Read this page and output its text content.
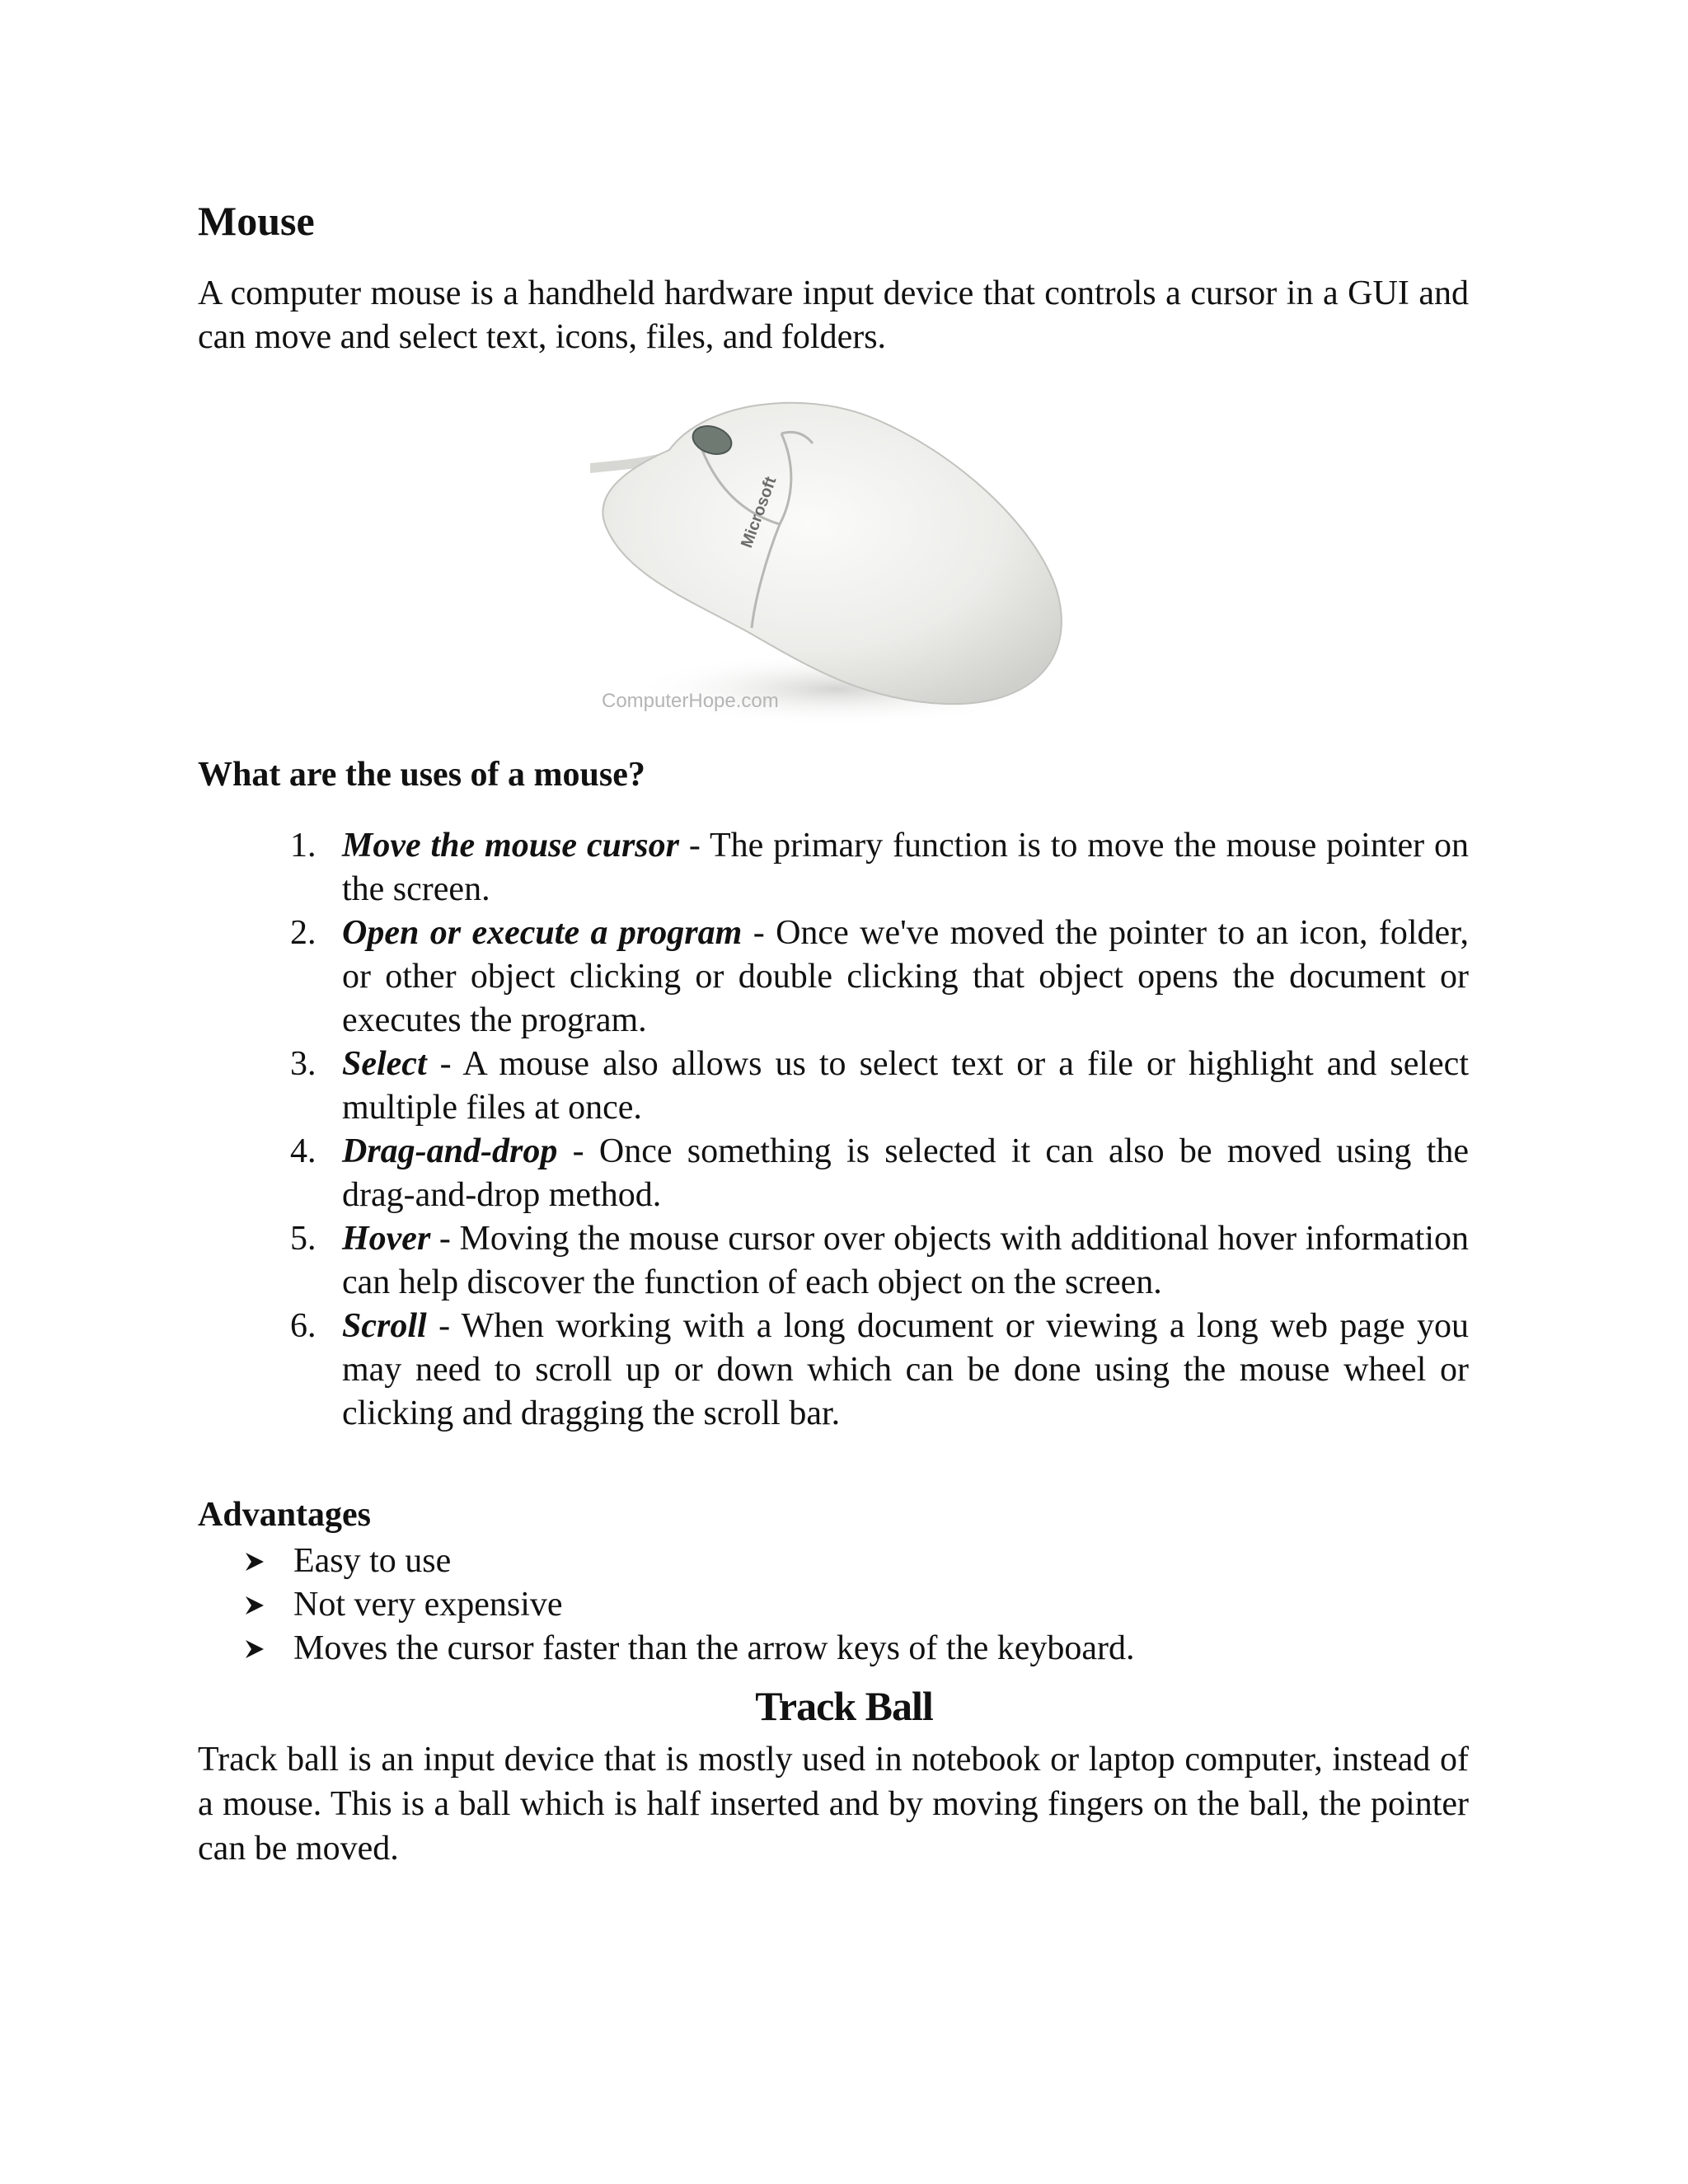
Mouse

A computer mouse is a handheld hardware input device that controls a cursor in a GUI and can move and select text, icons, files, and folders.

Microsoft
ComputerHope.com
What are the uses of a mouse?
1. Move the mouse cursor - The primary function is to move the mouse pointer on the screen.
2. Open or execute a program - Once we've moved the pointer to an icon, folder, or other object clicking or double clicking that object opens the document or executes the program.
3. Select - A mouse also allows us to select text or a file or highlight and select multiple files at once.
4. Drag-and-drop - Once something is selected it can also be moved using the drag-and-drop method.
5. Hover - Moving the mouse cursor over objects with additional hover information can help discover the function of each object on the screen.
6. Scroll - When working with a long document or viewing a long web page you may need to scroll up or down which can be done using the mouse wheel or clicking and dragging the scroll bar.
Advantages
Easy to use
Not very expensive
Moves the cursor faster than the arrow keys of the keyboard.
Track Ball

Track ball is an input device that is mostly used in notebook or laptop computer, instead of a mouse. This is a ball which is half inserted and by moving fingers on the ball, the pointer can be moved.
